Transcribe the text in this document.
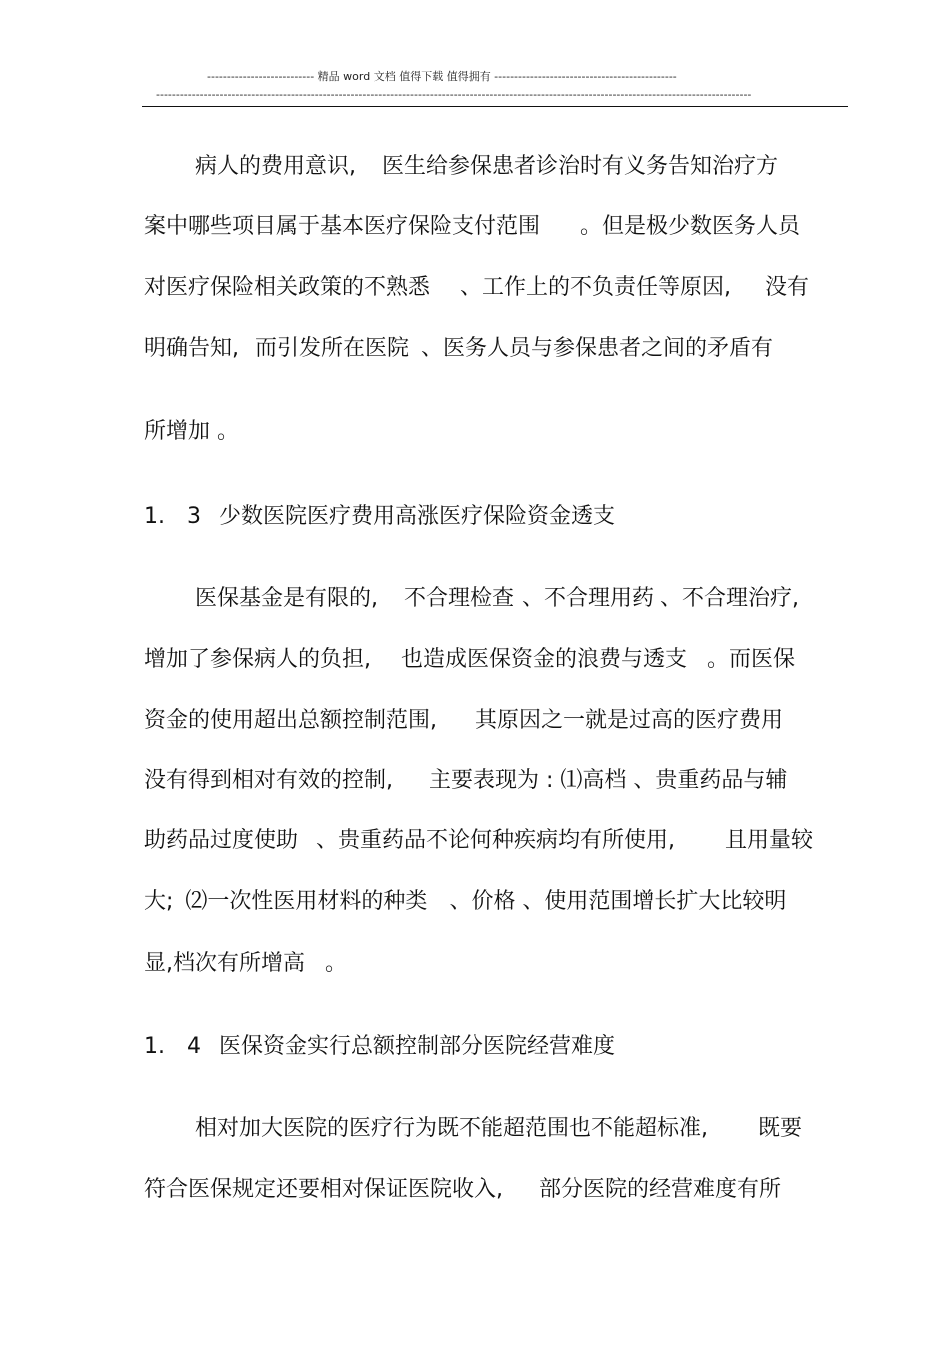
--------------------------- 精品 word 文档 值得下载 值得拥有 ----------------------------------------------
------------------------------------------------------------------------------------------------------------------------------------------------------
病人的费用意识, 医生给参保患者诊治时有义务告知治疗方
案中哪些项目属于基本医疗保险支付范围 。但是极少数医务人员
对医疗保险相关政策的不熟悉 、工作上的不负责任等原因, 没有
明确告知, 而引发所在医院 、医务人员与参保患者之间的矛盾有
所增加 。
1. 3 少数医院医疗费用高涨医疗保险资金透支
医保基金是有限的, 不合理检查 、不合理用药 、不合理治疗,
增加了参保病人的负担, 也造成医保资金的浪费与透支 。而医保
资金的使用超出总额控制范围, 其原因之一就是过高的医疗费用
没有得到相对有效的控制, 主要表现为 : ⑴高档 、贵重药品与辅
助药品过度使助 、贵重药品不论何种疾病均有所使用, 且用量较
大; ⑵一次性医用材料的种类 、价格 、使用范围增长扩大比较明
显,档次有所增高 。
1. 4 医保资金实行总额控制部分医院经营难度
相对加大医院的医疗行为既不能超范围也不能超标准, 既要
符合医保规定还要相对保证医院收入, 部分医院的经营难度有所
